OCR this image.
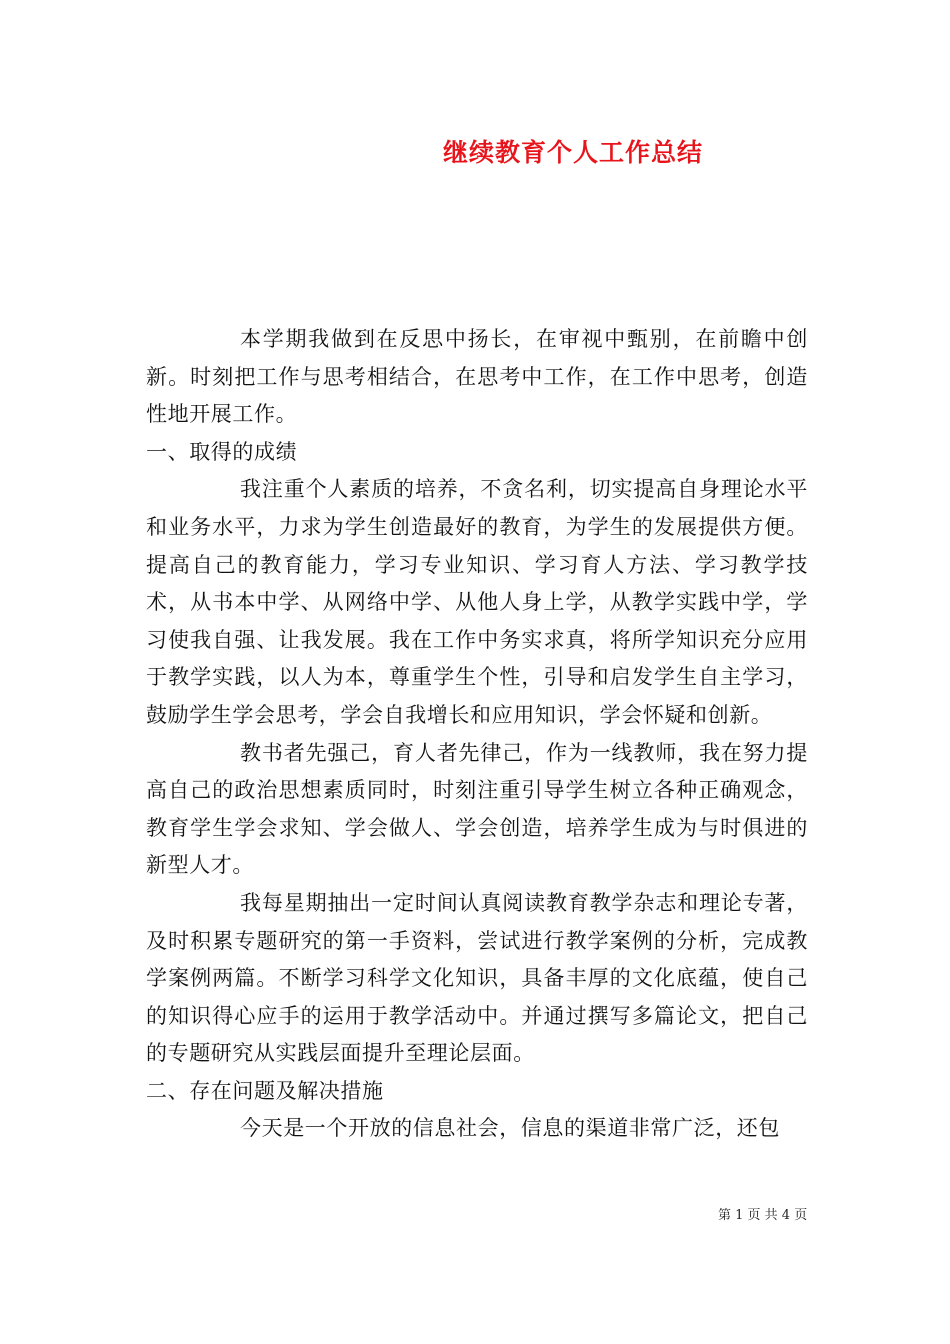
继续教育个人工作总结

本学期我做到在反思中扬长，在审视中甄别，在前瞻中创新。时刻把工作与思考相结合，在思考中工作，在工作中思考，创造性地开展工作。

一、取得的成绩

我注重个人素质的培养，不贪名利，切实提高自身理论水平和业务水平，力求为学生创造最好的教育，为学生的发展提供方便。提高自己的教育能力，学习专业知识、学习育人方法、学习教学技术，从书本中学、从网络中学、从他人身上学，从教学实践中学，学习使我自强、让我发展。我在工作中务实求真，将所学知识充分应用于教学实践，以人为本，尊重学生个性，引导和启发学生自主学习，鼓励学生学会思考，学会自我增长和应用知识，学会怀疑和创新。

教书者先强己，育人者先律己，作为一线教师，我在努力提高自己的政治思想素质同时，时刻注重引导学生树立各种正确观念，教育学生学会求知、学会做人、学会创造，培养学生成为与时俱进的新型人才。

我每星期抽出一定时间认真阅读教育教学杂志和理论专著，及时积累专题研究的第一手资料，尝试进行教学案例的分析，完成教学案例两篇。不断学习科学文化知识，具备丰厚的文化底蕴，使自己的知识得心应手的运用于教学活动中。并通过撰写多篇论文，把自己的专题研究从实践层面提升至理论层面。

二、存在问题及解决措施

今天是一个开放的信息社会，信息的渠道非常广泛，还包

第 1 页 共 4 页
